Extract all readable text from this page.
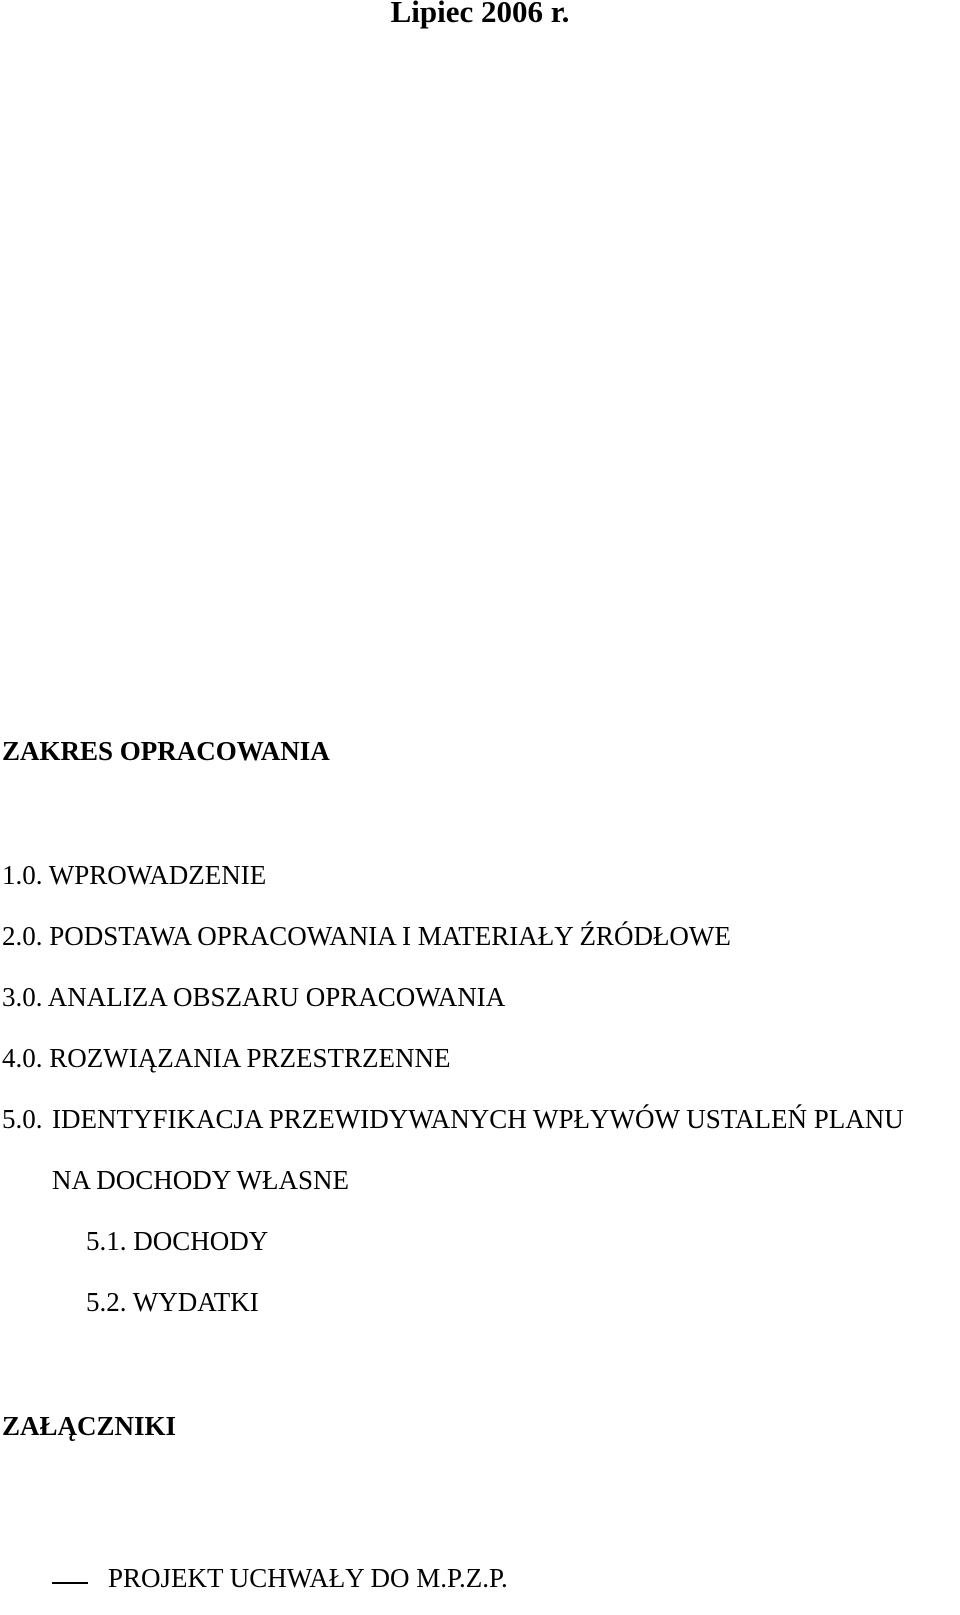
Lipiec 2006 r.
ZAKRES OPRACOWANIA
1.0. WPROWADZENIE
2.0. PODSTAWA OPRACOWANIA I MATERIAŁY ŹRÓDŁOWE
3.0. ANALIZA OBSZARU OPRACOWANIA
4.0. ROZWIĄZANIA PRZESTRZENNE
5.0. IDENTYFIKACJA PRZEWIDYWANYCH WPŁYWÓW USTALEŃ PLANU
NA DOCHODY WŁASNE
5.1. DOCHODY
5.2. WYDATKI
ZAŁĄCZNIKI
PROJEKT UCHWAŁY DO M.P.Z.P.
